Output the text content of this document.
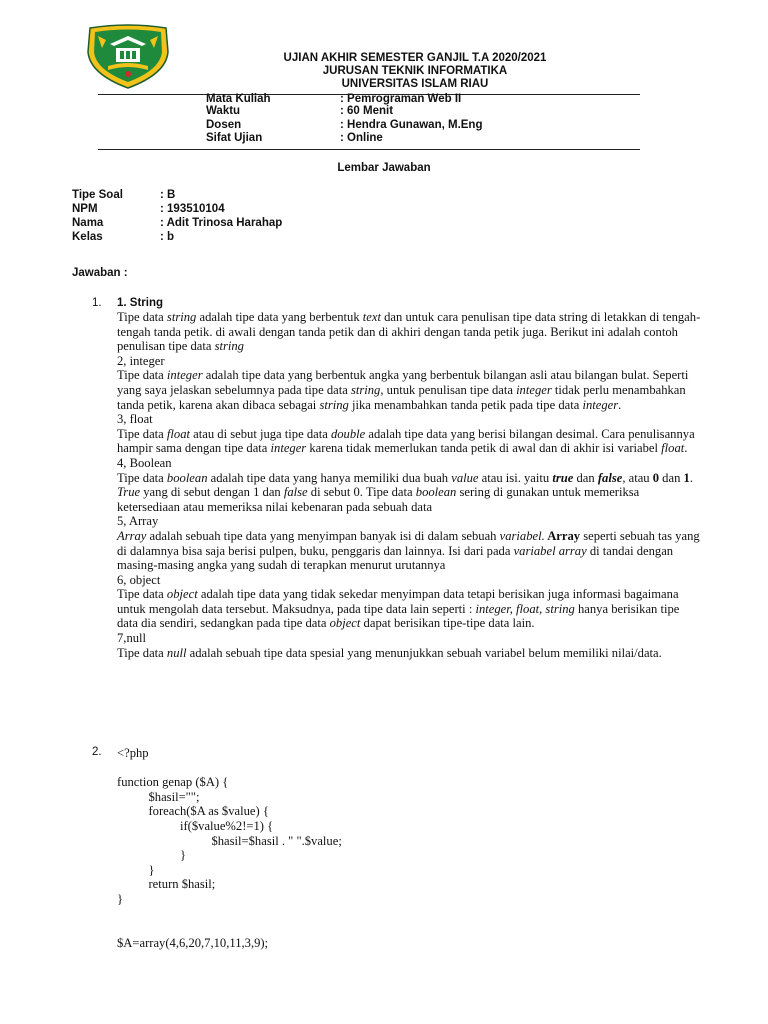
UJIAN AKHIR SEMESTER GANJIL T.A 2020/2021
JURUSAN TEKNIK INFORMATIKA
UNIVERSITAS ISLAM RIAU
Mata Kuliah	: Pemrograman Web II
Waktu	: 60 Menit
Dosen	: Hendra Gunawan, M.Eng
Sifat Ujian	: Online
Lembar Jawaban
Tipe Soal	: B
NPM	: 193510104
Nama	: Adit Trinosa Harahap
Kelas	: b
Jawaban :
1. 1. String

Tipe data string adalah tipe data yang berbentuk text dan untuk cara penulisan tipe data string di letakkan di tengah-tengah tanda petik. di awali dengan tanda petik dan di akhiri dengan tanda petik juga. Berikut ini adalah contoh penulisan tipe data string

2, integer

Tipe data integer adalah tipe data yang berbentuk angka yang berbentuk bilangan asli atau bilangan bulat. Seperti yang saya jelaskan sebelumnya pada tipe data string, untuk penulisan tipe data integer tidak perlu menambahkan tanda petik, karena akan dibaca sebagai string jika menambahkan tanda petik pada tipe data integer.

3, float

Tipe data float atau di sebut juga tipe data double adalah tipe data yang berisi bilangan desimal. Cara penulisannya hampir sama dengan tipe data integer karena tidak memerlukan tanda petik di awal dan di akhir isi variabel float.

4, Boolean

Tipe data boolean adalah tipe data yang hanya memiliki dua buah value atau isi. yaitu true dan false, atau 0 dan 1. True yang di sebut dengan 1 dan false di sebut 0. Tipe data boolean sering di gunakan untuk memeriksa ketersediaan atau memeriksa nilai kebenaran pada sebuah data

5, Array

Array adalah sebuah tipe data yang menyimpan banyak isi di dalam sebuah variabel. Array seperti sebuah tas yang di dalamnya bisa saja berisi pulpen, buku, penggaris dan lainnya. Isi dari pada variabel array di tandai dengan masing-masing angka yang sudah di terapkan menurut urutannya

6, object

Tipe data object adalah tipe data yang tidak sekedar menyimpan data tetapi berisikan juga informasi bagaimana untuk mengolah data tersebut. Maksudnya, pada tipe data lain seperti : integer, float, string hanya berisikan tipe data dia sendiri, sedangkan pada tipe data object dapat berisikan tipe-tipe data lain.

7,null

Tipe data null adalah sebuah tipe data spesial yang menunjukkan sebuah variabel belum memiliki nilai/data.

2. <?php

function genap ($A) {
$hasil="";
foreach($A as $value) {
if($value%2!=1) {
$hasil=$hasil . " ".$value;
}
}
return $hasil;
}

$A=array(4,6,20,7,10,11,3,9);
